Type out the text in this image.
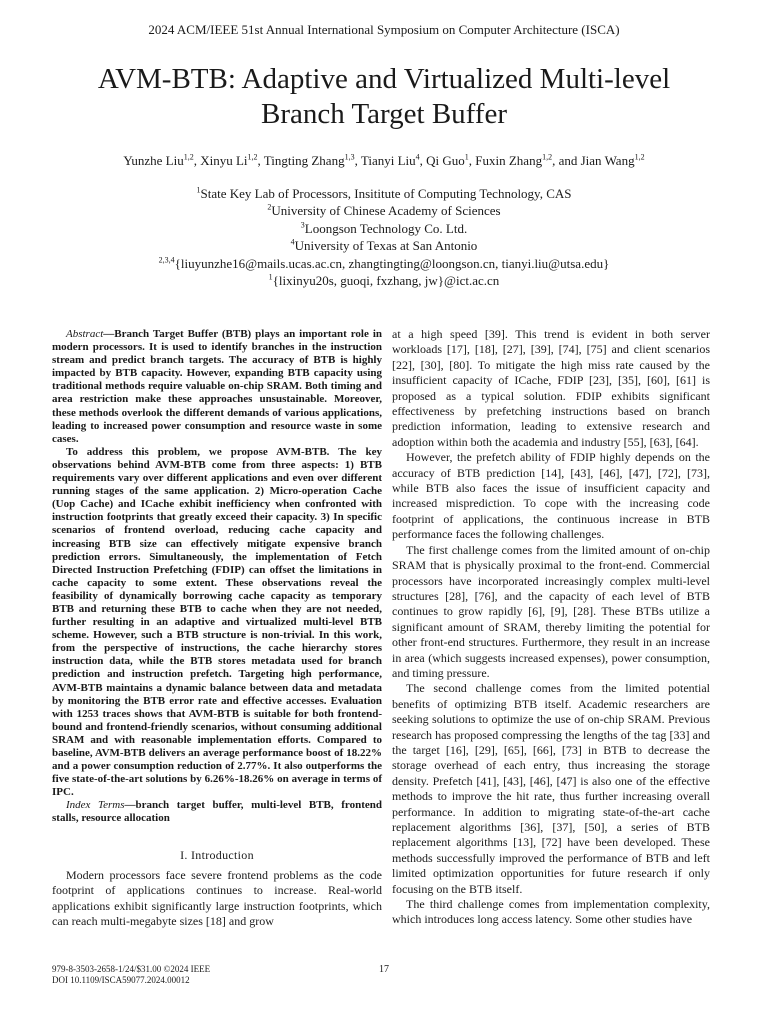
2024 ACM/IEEE 51st Annual International Symposium on Computer Architecture (ISCA)
AVM-BTB: Adaptive and Virtualized Multi-level
Branch Target Buffer
Yunzhe Liu$^{1,2}$, Xinyu Li$^{1,2}$, Tingting Zhang$^{1,3}$, Tianyi Liu$^4$, Qi Guo$^1$, Fuxin Zhang$^{1,2}$, and Jian Wang$^{1,2}$
$^1$State Key Lab of Processors, Insititute of Computing Technology, CAS
$^2$University of Chinese Academy of Sciences
$^3$Loongson Technology Co. Ltd.
$^4$University of Texas at San Antonio
$^{2,3,4}${liuyunzhe16@mails.ucas.ac.cn, zhangtingting@loongson.cn, tianyi.liu@utsa.edu}
$^1${lixinyu20s, guoqi, fxzhang, jw}@ict.ac.cn

Abstract—Branch Target Buffer (BTB) plays an important role in modern processors. It is used to identify branches in the instruction stream and predict branch targets. The accuracy of BTB is highly impacted by BTB capacity. However, expanding BTB capacity using traditional methods require valuable on-chip SRAM. Both timing and area restriction make these approaches unsustainable. Moreover, these methods overlook the different demands of various applications, leading to increased power consumption and resource waste in some cases.

To address this problem, we propose AVM-BTB. The key observations behind AVM-BTB come from three aspects: 1) BTB requirements vary over different applications and even over different running stages of the same application. 2) Micro-operation Cache (Uop Cache) and ICache exhibit inefficiency when confronted with instruction footprints that greatly exceed their capacity. 3) In specific scenarios of frontend overload, reducing cache capacity and increasing BTB size can effectively mitigate expensive branch prediction errors. Simultaneously, the implementation of Fetch Directed Instruction Prefetching (FDIP) can offset the limitations in cache capacity to some extent. These observations reveal the feasibility of dynamically borrowing cache capacity as temporary BTB and returning these BTB to cache when they are not needed, further resulting in an adaptive and virtualized multi-level BTB scheme. However, such a BTB structure is non-trivial. In this work, from the perspective of instructions, the cache hierarchy stores instruction data, while the BTB stores metadata used for branch prediction and instruction prefetch. Targeting high performance, AVM-BTB maintains a dynamic balance between data and metadata by monitoring the BTB error rate and effective accesses. Evaluation with 1253 traces shows that AVM-BTB is suitable for both frontend-bound and frontend-friendly scenarios, without consuming additional SRAM and with reasonable implementation efforts. Compared to baseline, AVM-BTB delivers an average performance boost of 18.22% and a power consumption reduction of 2.77%. It also outperforms the five state-of-the-art solutions by 6.26%-18.26% on average in terms of IPC.

Index Terms—branch target buffer, multi-level BTB, frontend stalls, resource allocation

I. Introduction

Modern processors face severe frontend problems as the code footprint of applications continues to increase. Real-world applications exhibit significantly large instruction footprints, which can reach multi-megabyte sizes [18] and grow

at a high speed [39]. This trend is evident in both server workloads [17], [18], [27], [39], [74], [75] and client scenarios [22], [30], [80]. To mitigate the high miss rate caused by the insufficient capacity of ICache, FDIP [23], [35], [60], [61] is proposed as a typical solution. FDIP exhibits significant effectiveness by prefetching instructions based on branch prediction information, leading to extensive research and adoption within both the academia and industry [55], [63], [64].

However, the prefetch ability of FDIP highly depends on the accuracy of BTB prediction [14], [43], [46], [47], [72], [73], while BTB also faces the issue of insufficient capacity and increased misprediction. To cope with the increasing code footprint of applications, the continuous increase in BTB performance faces the following challenges.

The first challenge comes from the limited amount of on-chip SRAM that is physically proximal to the front-end. Commercial processors have incorporated increasingly complex multi-level structures [28], [76], and the capacity of each level of BTB continues to grow rapidly [6], [9], [28]. These BTBs utilize a significant amount of SRAM, thereby limiting the potential for other front-end structures. Furthermore, they result in an increase in area (which suggests increased expenses), power consumption, and timing pressure.

The second challenge comes from the limited potential benefits of optimizing BTB itself. Academic researchers are seeking solutions to optimize the use of on-chip SRAM. Previous research has proposed compressing the lengths of the tag [33] and the target [16], [29], [65], [66], [73] in BTB to decrease the storage overhead of each entry, thus increasing the storage density. Prefetch [41], [43], [46], [47] is also one of the effective methods to improve the hit rate, thus further increasing overall performance. In addition to migrating state-of-the-art cache replacement algorithms [36], [37], [50], a series of BTB replacement algorithms [13], [72] have been developed. These methods successfully improved the performance of BTB and left limited optimization opportunities for future research if only focusing on the BTB itself.

The third challenge comes from implementation complexity, which introduces long access latency. Some other studies have

979-8-3503-2658-1/24/$31.00 ©2024 IEEE
DOI 10.1109/ISCA59077.2024.00012
17
